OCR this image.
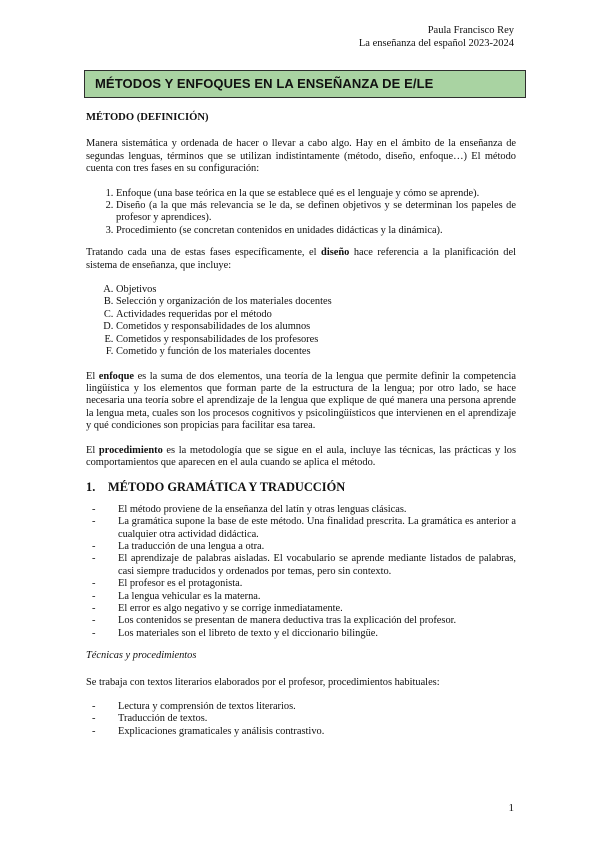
Paula Francisco Rey
La enseñanza del español 2023-2024
MÉTODOS Y ENFOQUES EN LA ENSEÑANZA DE E/LE
MÉTODO (DEFINICIÓN)

Manera sistemática y ordenada de hacer o llevar a cabo algo. Hay en el ámbito de la enseñanza de segundas lenguas, términos que se utilizan indistintamente (método, diseño, enfoque…) El método cuenta con tres fases en su configuración:

1. Enfoque (una base teórica en la que se establece qué es el lenguaje y cómo se aprende).
2. Diseño (a la que más relevancia se le da, se definen objetivos y se determinan los papeles de profesor y aprendices).
3. Procedimiento (se concretan contenidos en unidades didácticas y la dinámica).

Tratando cada una de estas fases específicamente, el diseño hace referencia a la planificación del sistema de enseñanza, que incluye:

A. Objetivos
B. Selección y organización de los materiales docentes
C. Actividades requeridas por el método
D. Cometidos y responsabilidades de los alumnos
E. Cometidos y responsabilidades de los profesores
F. Cometido y función de los materiales docentes

El enfoque es la suma de dos elementos, una teoría de la lengua que permite definir la competencia lingüística y los elementos que forman parte de la estructura de la lengua; por otro lado, se hace necesaria una teoría sobre el aprendizaje de la lengua que explique de qué manera una persona aprende la lengua meta, cuales son los procesos cognitivos y psicolingüísticos que intervienen en el aprendizaje y qué condiciones son propicias para facilitar esa tarea.

El procedimiento es la metodología que se sigue en el aula, incluye las técnicas, las prácticas y los comportamientos que aparecen en el aula cuando se aplica el método.

1.	MÉTODO GRAMÁTICA Y TRADUCCIÓN
- El método proviene de la enseñanza del latín y otras lenguas clásicas.
- La gramática supone la base de este método. Una finalidad prescrita. La gramática es anterior a cualquier otra actividad didáctica.
- La traducción de una lengua a otra.
- El aprendizaje de palabras aisladas. El vocabulario se aprende mediante listados de palabras, casi siempre traducidos y ordenados por temas, pero sin contexto.
- El profesor es el protagonista.
- La lengua vehicular es la materna.
- El error es algo negativo y se corrige inmediatamente.
- Los contenidos se presentan de manera deductiva tras la explicación del profesor.
- Los materiales son el libreto de texto y el diccionario bilingüe.
Técnicas y procedimientos

Se trabaja con textos literarios elaborados por el profesor, procedimientos habituales:

- Lectura y comprensión de textos literarios.
- Traducción de textos.
- Explicaciones gramaticales y análisis contrastivo.
1
